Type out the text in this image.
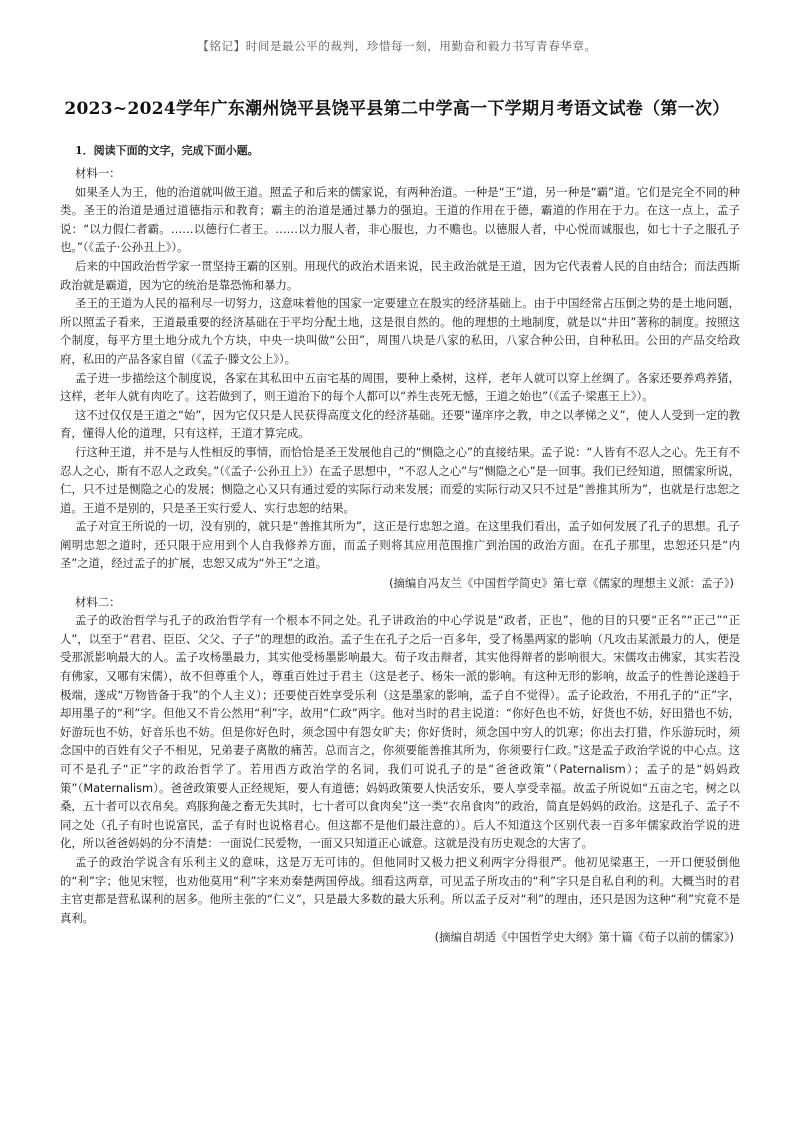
【铭记】时间是最公平的裁判，珍惜每一刻，用勤奋和毅力书写青春华章。
2023~2024学年广东潮州饶平县饶平县第二中学高一下学期月考语文试卷（第一次）
1．阅读下面的文字，完成下面小题。
材料一：

如果圣人为王，他的治道就叫做王道。照孟子和后来的儒家说，有两种治道。一种是“王”道，另一种是“霸”道。它们是完全不同的种类。圣王的治道是通过道德指示和教育；霸主的治道是通过暴力的强迫。王道的作用在于德，霸道的作用在于力。在这一点上，孟子说：“以力假仁者霸。……以德行仁者王。……以力服人者，非心服也，力不赡也。以德服人者，中心悦而诚服也，如七十子之服孔子也。”（《孟子·公孙丑上》）。

后来的中国政治哲学家一贯坚持王霸的区别。用现代的政治术语来说，民主政治就是王道，因为它代表着人民的自由结合；而法西斯政治就是霸道，因为它的统治是靠恐怖和暴力。

圣王的王道为人民的福利尽一切努力，这意味着他的国家一定要建立在殷实的经济基础上。由于中国经常占压倒之势的是土地问题，所以照孟子看来，王道最重要的经济基础在于平均分配土地，这是很自然的。他的理想的土地制度，就是以“井田”著称的制度。按照这个制度，每平方里土地分成九个方块，中央一块叫做“公田”，周围八块是八家的私田，八家合种公田，自种私田。公田的产品交给政府，私田的产品各家自留（《孟子·滕文公上》）。

孟子进一步描绘这个制度说，各家在其私田中五亩宅基的周围，要种上桑树，这样，老年人就可以穿上丝绸了。各家还要养鸡养猪，这样，老年人就有肉吃了。这若做到了，则王道治下的每个人都可以“养生丧死无憾，王道之始也”（《孟子·梁惠王上》）。

这不过仅仅是王道之“始”，因为它仅只是人民获得高度文化的经济基础。还要“谨庠序之教，申之以孝悌之义”，使人人受到一定的教育，懂得人伦的道理，只有这样，王道才算完成。

行这种王道，并不是与人性相反的事情，而恰恰是圣王发展他自己的“恻隐之心”的直接结果。孟子说：“人皆有不忍人之心。先王有不忍人之心，斯有不忍人之政矣。”（《孟子·公孙丑上》）在孟子思想中，“不忍人之心”与“恻隐之心”是一回事。我们已经知道，照儒家所说，仁，只不过是恻隐之心的发展；恻隐之心又只有通过爱的实际行动来发展；而爱的实际行动又只不过是“善推其所为”，也就是行忠恕之道。王道不是别的，只是圣王实行爱人、实行忠恕的结果。

孟子对宣王所说的一切，没有别的，就只是“善推其所为”，这正是行忠恕之道。在这里我们看出，孟子如何发展了孔子的思想。孔子阐明忠恕之道时，还只限于应用到个人自我修养方面，而孟子则将其应用范围推广到治国的政治方面。在孔子那里，忠恕还只是“内圣”之道，经过孟子的扩展，忠恕又成为“外王”之道。

(摘编自冯友兰《中国哲学简史》第七章《儒家的理想主义派：孟子》)
材料二：

孟子的政治哲学与孔子的政治哲学有一个根本不同之处。孔子讲政治的中心学说是“政者，正也”，他的目的只要“正名”“正己”“正人”，以至于“君君、臣臣、父父、子子”的理想的政治。孟子生在孔子之后一百多年，受了杨墨两家的影响（凡攻击某派最力的人，便是受那派影响最大的人。孟子攻杨墨最力，其实他受杨墨影响最大。荀子攻击辩者，其实他得辩者的影响很大。宋儒攻击佛家，其实若没有佛家，又哪有宋儒），故不但尊重个人，尊重百姓过于君主（这是老子、杨朱一派的影响。有这种无形的影响，故孟子的性善论遂趋于极端，遂成“万物皆备于我”的个人主义）；还要使百姓享受乐利（这是墨家的影响，孟子自不觉得）。孟子论政治，不用孔子的“正”字，却用墨子的“利”字。但他又不肯公然用“利”字，故用“仁政”两字。他对当时的君主说道：“你好色也不妨，好货也不妨，好田猎也不妨，好游玩也不妨，好音乐也不妨。但是你好色时，须念国中有怨女旷夫；你好货时，须念国中穷人的饥寒；你出去打猎，作乐游玩时，须念国中的百姓有父子不相见，兄弟妻子离散的痛苦。总而言之，你须要能善推其所为，你须要行仁政。”这是孟子政治学说的中心点。这可不是孔子“正”字的政治哲学了。若用西方政治学的名词，我们可说孔子的是“爸爸政策”（Paternalism）；孟子的是“妈妈政策”（Maternalism）。爸爸政策要人正经规矩，要人有道德；妈妈政策要人快活安乐，要人享受幸福。故孟子所说如“五亩之宅，树之以桑，五十者可以衣帛矣。鸡豚狗彘之畜无失其时，七十者可以食肉矣”这一类“衣帛食肉”的政治，简直是妈妈的政治。这是孔子、孟子不同之处（孔子有时也说富民，孟子有时也说格君心。但这都不是他们最注意的）。后人不知道这个区别代表一百多年儒家政治学说的进化，所以爸爸妈妈的分不清楚：一面说仁民爱物，一面又只知道正心诚意。这就是没有历史观念的大害了。

孟子的政治学说含有乐利主义的意味，这是万无可讳的。但他同时又极力把义利两字分得很严。他初见梁惠王，一开口便驳倒他的“利”字；他见宋牼，也劝他莫用“利”字来劝秦楚两国停战。细看这两章，可见孟子所攻击的“利”字只是自私自利的利。大概当时的君主官吏都是营私谋利的居多。他所主张的“仁义”，只是最大多数的最大乐利。所以孟子反对“利”的理由，还只是因为这种“利”究竟不是真利。

(摘编自胡适《中国哲学史大纲》第十篇《荀子以前的儒家》)
